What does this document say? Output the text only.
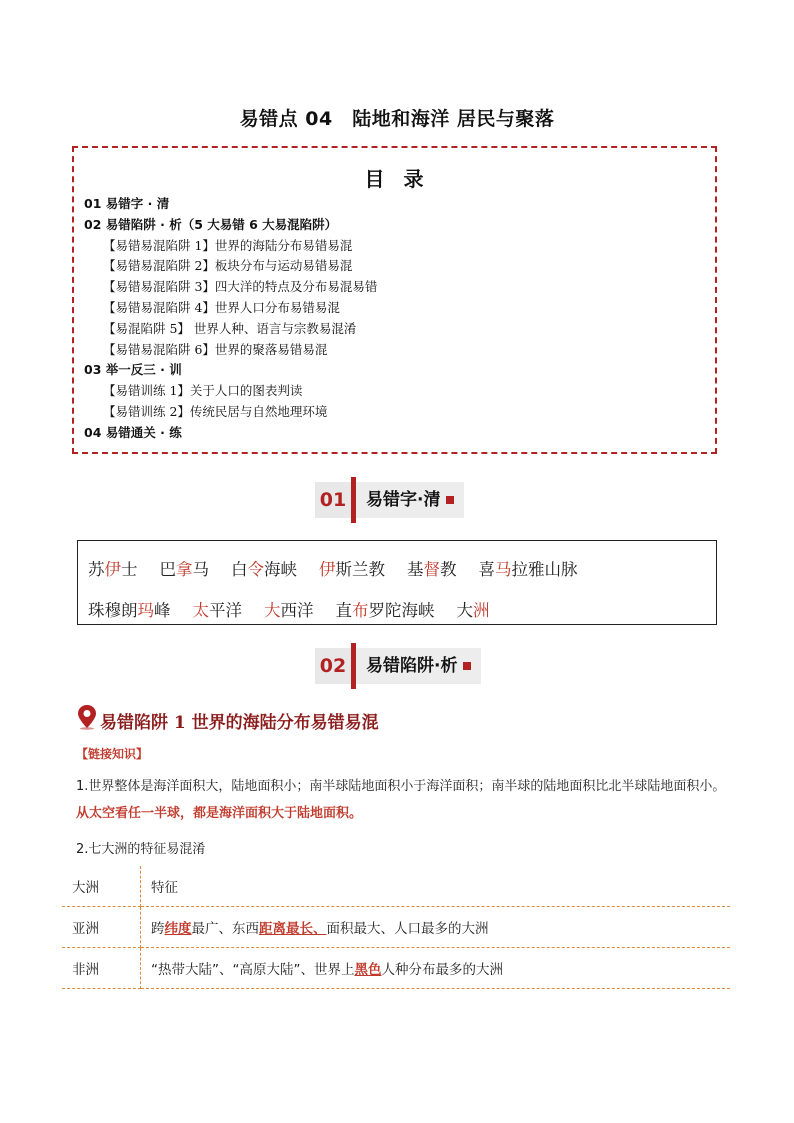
易错点 04　陆地和海洋 居民与聚落
目 录
01 易错字 · 清
02 易错陷阱 · 析（5 大易错 6 大易混陷阱）
【易错易混陷阱 1】世界的海陆分布易错易混
【易错易混陷阱 2】板块分布与运动易错易混
【易错易混陷阱 3】四大洋的特点及分布易混易错
【易错易混陷阱 4】世界人口分布易错易混
【易混陷阱 5】 世界人种、语言与宗教易混淆
【易错易混陷阱 6】世界的聚落易错易混
03 举一反三 · 训
【易错训练 1】关于人口的图表判读
【易错训练 2】传统民居与自然地理环境
04 易错通关 · 练
01	易错字·清
苏伊士 巴拿马 白令海峡 伊斯兰教 基督教 喜马拉雅山脉
珠穆朗玛峰 太平洋 大西洋 直布罗陀海峡 大洲
02	易错陷阱·析
易错陷阱 1 世界的海陆分布易错易混
【链接知识】
1.世界整体是海洋面积大，陆地面积小；南半球陆地面积小于海洋面积；南半球的陆地面积比北半球陆地面积小。从太空看任一半球，都是海洋面积大于陆地面积。
2.七大洲的特征易混淆
大洲	特征
亚洲	跨纬度最广、东西距离最长、面积最大、人口最多的大洲
非洲	“热带大陆”、“高原大陆”、世界上黑色人种分布最多的大洲
